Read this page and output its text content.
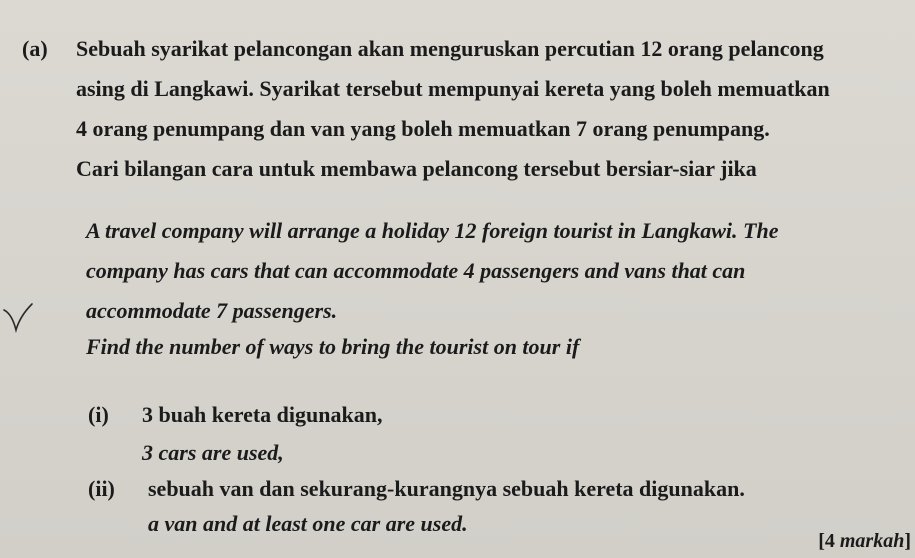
(a) Sebuah syarikat pelancongan akan menguruskan percutian 12 orang pelancong
asing di Langkawi. Syarikat tersebut mempunyai kereta yang boleh memuatkan
4 orang penumpang dan van yang boleh memuatkan 7 orang penumpang.
Cari bilangan cara untuk membawa pelancong tersebut bersiar-siar jika
A travel company will arrange a holiday 12 foreign tourist in Langkawi. The
company has cars that can accommodate 4 passengers and vans that can
accommodate 7 passengers.
Find the number of ways to bring the tourist on tour if
(i) 3 buah kereta digunakan,
3 cars are used,
(ii) sebuah van dan sekurang-kurangnya sebuah kereta digunakan.
a van and at least one car are used.
[4 markah]
